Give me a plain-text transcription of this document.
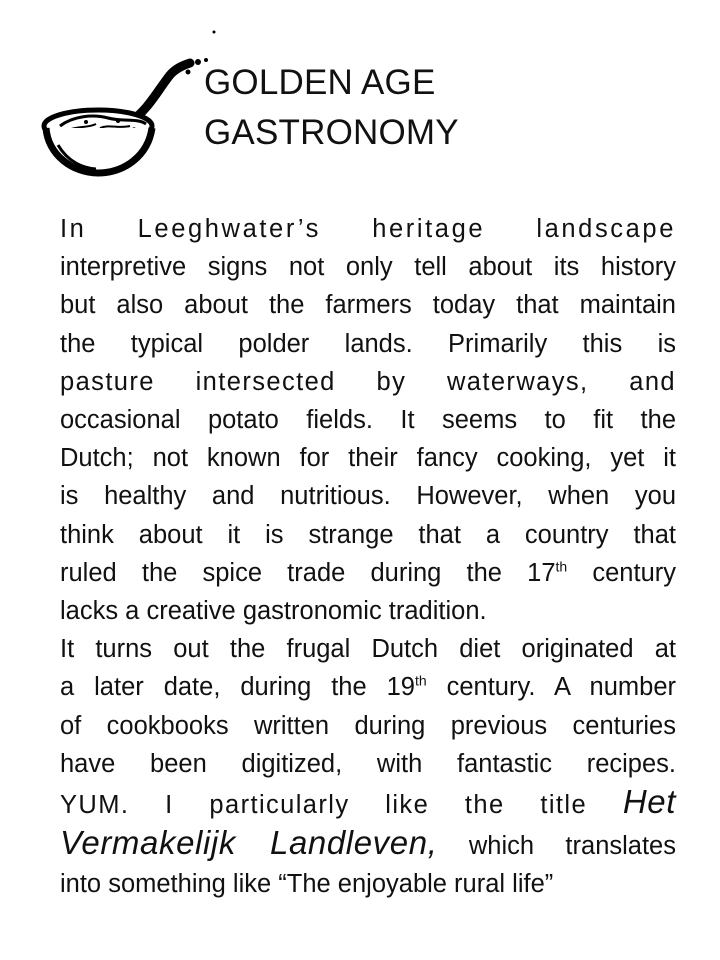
GOLDEN AGE
GASTRONOMY

In Leeghwater’s heritage landscape
interpretive signs not only tell about its history
but also about the farmers today that maintain
the typical polder lands. Primarily this is
pasture intersected by waterways, and
occasional potato fields. It seems to fit the
Dutch; not known for their fancy cooking, yet it
is healthy and nutritious. However, when you
think about it is strange that a country that
ruled the spice trade during the 17th century
lacks a creative gastronomic tradition.

It turns out the frugal Dutch diet originated at
a later date, during the 19th century. A number
of cookbooks written during previous centuries
have been digitized, with fantastic recipes.
YUM. I particularly like the title Het
Vermakelijk Landleven, which translates
into something like “The enjoyable rural life”
